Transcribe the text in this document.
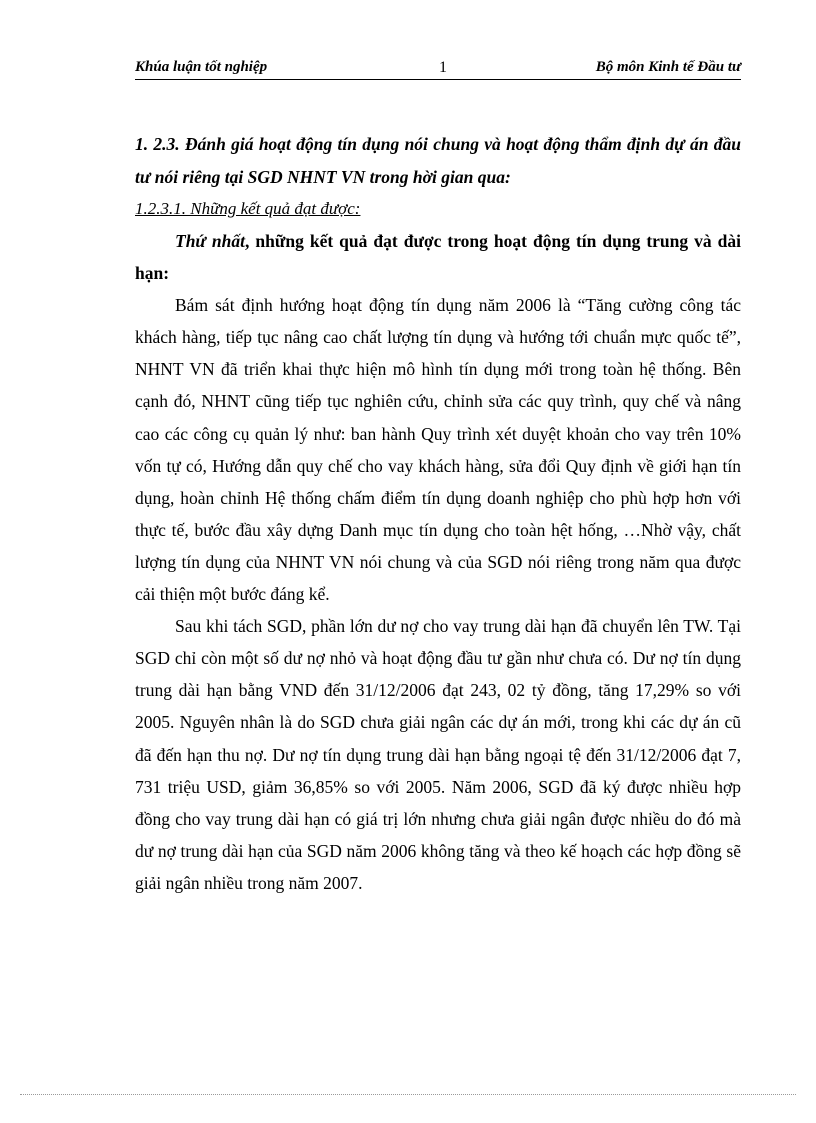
Khúa luận tốt nghiệp	1	Bộ môn Kinh tế Đầu tư

1. 2.3. Đánh giá hoạt động tín dụng nói chung và hoạt động thẩm định dự án đầu tư nói riêng tại SGD NHNT VN trong hời gian qua:

1.2.3.1. Những kết quả đạt được:

Thứ nhất, những kết quả đạt được trong hoạt động tín dụng trung và dài hạn:

Bám sát định hướng hoạt động tín dụng năm 2006 là “Tăng cường công tác khách hàng, tiếp tục nâng cao chất lượng tín dụng và hướng tới chuẩn mực quốc tế”, NHNT VN đã triển khai thực hiện mô hình tín dụng mới trong toàn hệ thống. Bên cạnh đó, NHNT cũng tiếp tục nghiên cứu, chỉnh sửa các quy trình, quy chế và nâng cao các công cụ quản lý như: ban hành Quy trình xét duyệt khoản cho vay trên 10% vốn tự có, Hướng dẫn quy chế cho vay khách hàng, sửa đổi Quy định về giới hạn tín dụng, hoàn chỉnh Hệ thống chấm điểm tín dụng doanh nghiệp cho phù hợp hơn với thực tế, bước đầu xây dựng Danh mục tín dụng cho toàn hệt hống, …Nhờ vậy, chất lượng tín dụng của NHNT VN nói chung và của SGD nói riêng trong năm qua được cải thiện một bước đáng kể.

Sau khi tách SGD, phần lớn dư nợ cho vay trung dài hạn đã chuyển lên TW. Tại SGD chỉ còn một số dư nợ nhỏ và hoạt động đầu tư gần như chưa có. Dư nợ tín dụng trung dài hạn bằng VND đến 31/12/2006 đạt 243, 02 tỷ đồng, tăng 17,29% so với 2005. Nguyên nhân là do SGD chưa giải ngân các dự án mới, trong khi các dự án cũ đã đến hạn thu nợ. Dư nợ tín dụng trung dài hạn bằng ngoại tệ đến 31/12/2006 đạt 7, 731 triệu USD, giảm 36,85% so với 2005. Năm 2006, SGD đã ký được nhiều hợp đồng cho vay trung dài hạn có giá trị lớn nhưng chưa giải ngân được nhiều do đó mà dư nợ trung dài hạn của SGD năm 2006 không tăng và theo kế hoạch các hợp đồng sẽ giải ngân nhiều trong năm 2007.
